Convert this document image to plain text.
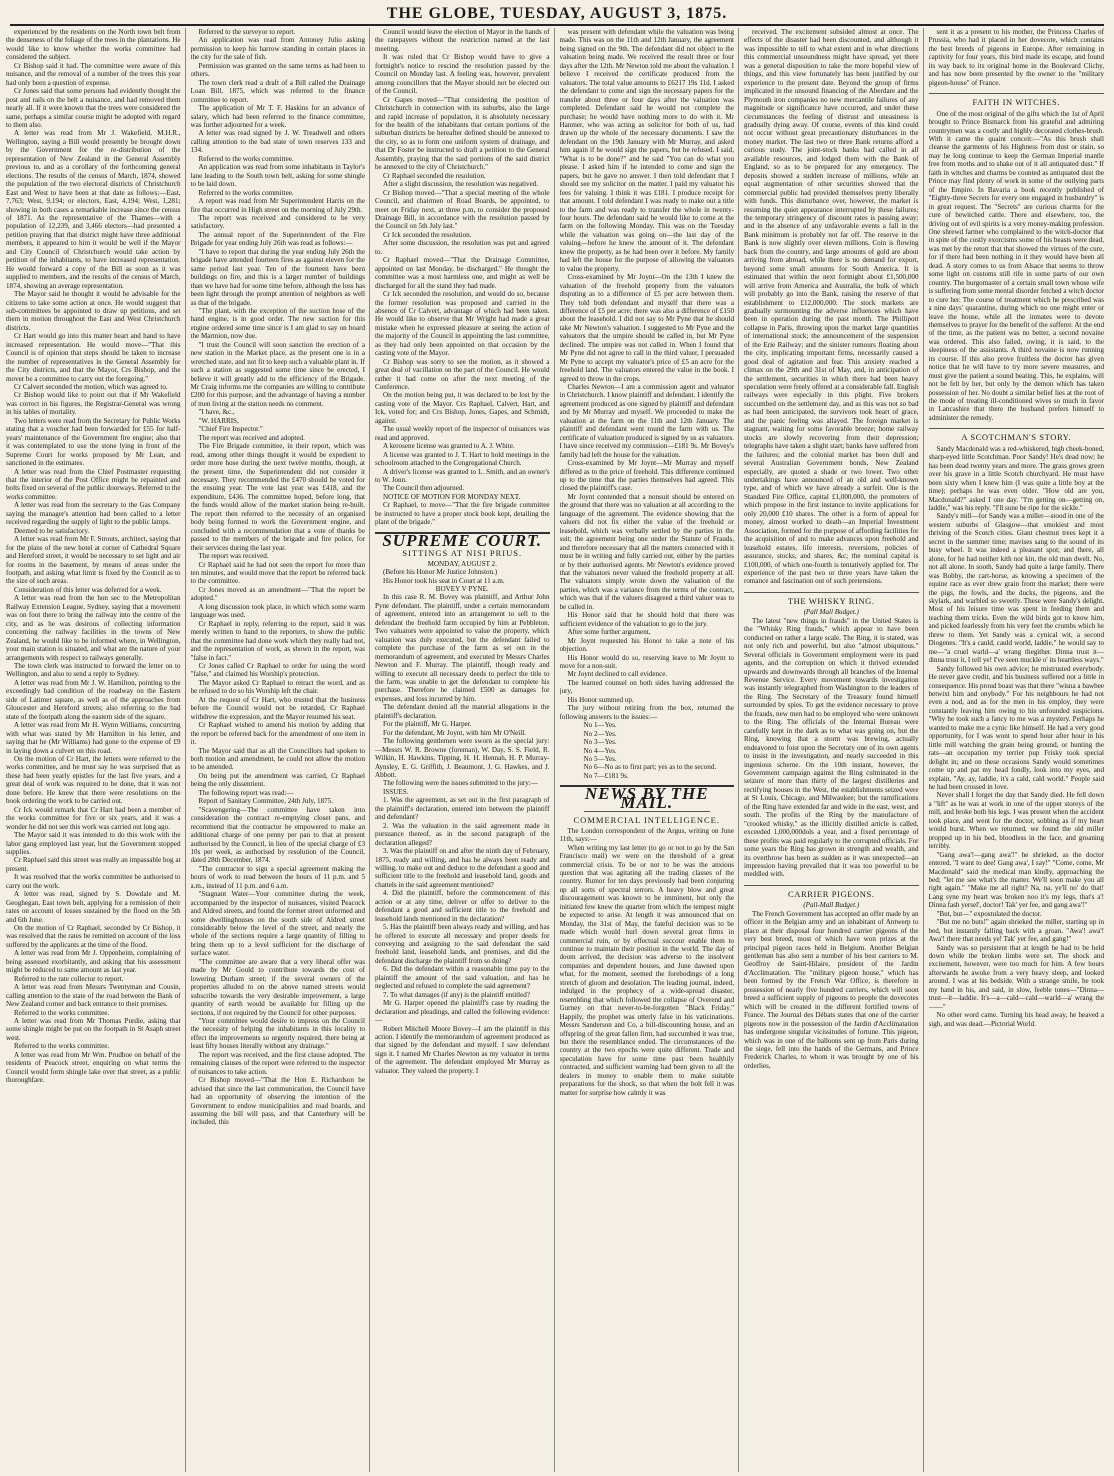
THE GLOBE, TUESDAY, AUGUST 3, 1875.

experienced by the residents on the North town belt from the denseness of the foliage of the trees in the plantations. He would like to know whether the works committee had considered the subject.

Cr Bishop said it had. The committee were aware of this nuisance, and the removal of a number of the trees this year had only been a question of expense.

Cr Jones said that some persons had evidently thought the post and rails on the belt a nuisance, and had removed them nearly all. If it were known that the trees were considered the same, perhaps a similar course might be adopted with regard to them also.

A letter was read from Mr J. Wakefield, M.H.R., Wellington, saying a Bill would presently be brought down by the Government for the re-distribution of the representation of New Zealand in the General Assembly previous to, and as a corollary of the forthcoming general elections. The results of the census of March, 1874, showed the population of the two electoral districts of Christchurch East and West to have been at that date as follows:—East, 7,763; West, 9,194; or electors, East, 4,194; West, 1,281; showing in both cases a remarkable increase since the census of 1871. As the representative of the Thames—with a population of 12,239, and 3,466 electors—had presented a petition praying that that district might have three additional members, it appeared to him it would be well if the Mayor and City Council of Christchurch would take action by petition of the inhabitants, to have increased representation. He would forward a copy of the Bill as soon as it was supplied to members, and the results of the census of March, 1874, showing an average representation.

The Mayor said he thought it would be advisable for the citizens to take some action at once. He would suggest that sub-committees be appointed to draw up petitions, and set them in motion throughout the East and West Christchurch districts.

Cr Hart would go into this matter heart and hand to have increased representation. He would move—"That this Council is of opinion that steps should be taken to increase the number of representatives in the General Assembly for the City districts, and that the Mayor, Crs Bishop, and the mover be a committee to carry out the foregoing."

Cr Calvert seconded the motion, which was agreed to.

Cr Bishop would like to point out that if Mr Wakefield was correct in his figures, the Registrar-General was wrong in his tables of mortality.

Two letters were read from the Secretary for Public Works stating that a voucher had been forwarded for £55 for half-years' maintenance of the Government fire engine; also that it was contemplated to use the stone lying in front of the Supreme Court for works proposed by Mr Lean, and sanctioned in the estimates.

A letter was read from the Chief Postmaster requesting that the interior of the Post Office might be repainted and bolts fixed on several of the public doorways. Referred to the works committee.

A letter was read from the secretary to the Gas Company saying the manager's attention had been called to a letter received regarding the supply of light to the public lamps.

Deemed to be satisfactory.

A letter was read from Mr F. Strouts, architect, saying that for the plans of the new hotel at corner of Cathedral Square and Hereford street, it would be necessary to set light and air for rooms in the basement, by means of areas under the footpath, and asking what limit is fixed by the Council as to the size of such areas.

Consideration of this letter was deferred for a week.

A letter was read from the hon sec to the Metropolitan Railway Extension League, Sydney, saying that a movement was on foot there to bring the railway into the centre of the city, and as he was desirous of collecting information concerning the railway facilities in the towns of New Zealand, he would like to be informed where, in Wellington, your main station is situated, and what are the nature of your arrangements with respect to railways generally.

The town clerk was instructed to forward the letter on to Wellington, and also to send a reply to Sydney.

A letter was read from Mr J. W. Hamilton, pointing to the exceedingly bad condition of the roadway on the Eastern side of Latimer square, as well as of the approaches from Gloucester and Hereford streets; also referring to the bad state of the footpath along the eastern side of the square.

A letter was read from Mr H. Wynn Williams, concurring with what was stated by Mr Hamilton in his letter, and saying that he (Mr Williams) had gone to the expense of £9 in laying down a culvert on this road.

On the motion of Cr Hart, the letters were referred to the works committee, and he must say he was surprised that as these had been yearly epistles for the last five years, and a great deal of work was required to be done, that it was not done before. He knew that there were resolutions on the book ordering the work to be carried out.

Cr Ick would remark that Cr Hart had been a member of the works committee for five or six years, and it was a wonder he did not see this work was carried out long ago.

The Mayor said it was intended to do this work with the labor gang employed last year, but the Government stopped supplies.

Cr Raphael said this street was really an impassable bog at present.

It was resolved that the works committee be authorised to carry out the work.

A letter was read, signed by S. Dowdale and M. Geoghegan, East town belt, applying for a remission of their rates on account of losses sustained by the flood on the 5th and 6th June.

On the motion of Cr Raphael, seconded by Cr Bishop, it was resolved that the rates be remitted on account of the loss suffered by the applicants at the time of the flood.

A letter was read from Mr J. Oppenheim, complaining of being assessed exorbitantly, and asking that his assessment might be reduced to same amount as last year.

Referred to the rate collector to report.

A letter was read from Messrs Twentyman and Cousin, calling attention to the state of the road between the Bank of New Zealand corner and back entrance to their premises.

Referred to the works committee.

A letter was read from Mr Thomas Purdie, asking that some shingle might be put on the footpath in St Asaph street west.

Referred to the works committee.

A letter was read from Mr Wm. Prudhoe on behalf of the residents of Peacock street, enquiring on what terms the Council would form shingle lake over that street, as a public thoroughfare.

Referred to the surveyor to report.

An application was read from Antoney Julio asking permission to keep his harrow standing in certain places in the city for the sale of fish.

Permission was granted on the same terms as had been to others.

The town clerk read a draft of a Bill called the Drainage Loan Bill, 1875, which was referred to the finance committee to report.

The application of Mr T. F. Haskins for an advance of salary, which had been referred to the finance committee, was further adjourned for a week.

A letter was read signed by J. W. Treadwell and others calling attention to the bad state of town reserves 133 and 134.

Referred to the works committee.

An application was read from some inhabitants in Taylor's lane leading to the South town belt, asking for some shingle to be laid down.

Referred to the works committee.

A report was read from Mr Superintendent Harris on the fire that occurred in High street on the morning of July 29th.

The report was received and considered to be very satisfactory.

The annual report of the Superintendent of the Fire Brigade for year ending July 26th was read as follows:—

"I have to report that during the year ending July 26th the brigade have attended fourteen fires as against eleven for the same period last year. Ten of the fourteen have been buildings on fire, and this is a larger number of buildings than we have had for some time before, although the loss has been light through the prompt attention of neighbors as well as that of the brigade.

"The plant, with the exception of the suction hose of the hand engine, is in good order. The new suction for this engine ordered some time since is I am glad to say on board the Marmion, now due.

"I trust the Council will soon sanction the erection of a new station in the Market place, as the present one is in a wretched state, and not fit to keep such a valuable plant in. If such a station as suggested some time since be erected, I believe it will greatly add to the efficiency of the Brigade. Mr Craig informs me the companies are willing to contribute £200 for this purpose, and the advantage of having a number of men living at the station needs no comment.

"I have, &c.,

"W. HARRIS,

"Chief Fire Inspector."

The report was received and adopted.

The Fire Brigade committee, in their report, which was read, among other things thought it would be expedient to order more hose during the next twelve months, though, at the present time, the Superintendent did not consider it necessary. They recommended the £470 should be voted for the ensuing year. The vote last year was £418, and the expenditure, £436. The committee hoped, before long, that the funds would allow of the market station being re-built. The report then referred to the necessity of an organised body being formed to work the Government engine, and concluded with a recommendation that a vote of thanks be passed to the members of the brigade and fire police, for their services during the last year.

The report was received.

Cr Raphael said he had not seen the report for more than ten minutes, and would move that the report be referred back to the committee.

Cr Jones moved as an amendment—"That the report be adopted."

A long discussion took place, in which which some warm language was used.

Cr Raphael in reply, referring to the report, said it was merely written to hand to the reporters, to show the public that the committee had done work which they really had not, and the representation of work, as shown in the report, was "false in fact."

Cr Jones called Cr Raphael to order for using the word "false," and claimed his Worship's protection.

The Mayor asked Cr Raphael to retract the word, and as he refused to do so his Worship left the chair.

At the request of Cr Hart, who trusted that the business before the Council would not be retarded, Cr Raphael withdrew the expression, and the Mayor resumed his seat.

Cr Raphael wished to amend his motion by adding that the report be referred back for the amendment of one item in it.

The Mayor said that as all the Councillors had spoken to both motion and amendment, he could not allow the motion to be amended.

On being put the amendment was carried, Cr Raphael being the only dissentient.

The following report was read:—

Report of Sanitary Committee, 24th July, 1875.

"Scavengering—The committee have taken into consideration the contract re-emptying closet pans, and recommend that the contractor be empowered to make an additional charge of one penny per pan to that at present authorised by the Council, in lieu of the special charge of £3 10s per week, as authorised by resolution of the Council, dated 28th December, 1874.

"The contractor to sign a special agreement making the hours of work to read between the hours of 11 p.m. and 5 a.m., instead of 11 p.m. and 6 a.m.

"Stagnant Water—Your committee during the week, accompanied by the inspector of nuisances, visited Peacock and Aldred streets, and found the former street unformed and some dwellinghouses on the south side of Aldred street considerably below the level of the street, and nearly the whole of the sections require a large quantity of filling to bring them up to a level sufficient for the discharge of surface water.

"The committee are aware that a very liberal offer was made by Mr Gould to contribute towards the cost of lowering Durham street; if the several owners of the properties alluded to on the above named streets would subscribe towards the very desirable improvement, a large quantity of earth would be available for filling up the sections, if not required by the Council for other purposes.

"Your committee would desire to impress on the Council the necessity of helping the inhabitants in this locality to effect the improvements so urgently required, there being at least fifty houses literally without any drainage."

The report was received, and the first clause adopted. The remaining clauses of the report were referred to the inspector of nuisances to take action.

Cr Bishop moved—"That the Hon E. Richardson be advised that since the last communication, the Council have had an opportunity of observing the intention of the Government to endow municipalities and road boards, and assuming the bill will pass, and that Canterbury will be included, this

Council would leave the election of Mayor in the hands of the ratepayers without the restriction named at the last meeting.

It was ruled that Cr Bishop would have to give a fortnight's notice to rescind the resolution passed by the Council on Monday last. A feeling was, however, prevalent among councillors that the Mayor should not be elected out of the Council.

Cr Gapes moved—"That considering the position of Christchurch in connection with its suburbs, also the large and rapid increase of population, it is absolutely necessary for the health of the inhabitants that certain portions of the suburban districts be hereafter defined should be annexed to the city, so as to form one uniform system of drainage, and that Dr Foster be instructed to draft a petition to the General Assembly, praying that the said portions of the said district be annexed to the city of Christchurch."

Cr Raphael seconded the resolution.

After a slight discussion, the resolution was negatived.

Cr Bishop moved—"That a special meeting of the whole Council, and chairmen of Road Boards, be appointed, to meet on Friday next, at three p.m, to consider the proposed Drainage Bill, in accordance with the resolution passed by the Council on 5th July last."

Cr Ick seconded the resolution.

After some discussion, the resolution was put and agreed to.

Cr Raphael moved—"That the Drainage Committee, appointed on last Monday, be discharged." He thought the committee was a most harmless one, and might as well be discharged for all the stand they had made.

Cr Ick seconded the resolution, and would do so, because the former resolution was proposed and carried in the absence of Cr Calvert, advantage of which had been taken. He would like to observe that Mr Wright had made a great mistake when he expressed pleasure at seeing the action of the majority of the Council in appointing the last committee, as they had only been appointed on that occasion by the casting vote of the Mayor.

Cr Bishop was sorry to see the motion, as it showed a great deal of vacillation on the part of the Council. He would rather it had come on after the next meeting of the Conference.

On the motion being put, it was declared to be lost by the casting vote of the Mayor. Crs Raphael, Calvert, Hart, and Ick, voted for; and Crs Bishop, Jones, Gapes, and Schmidt, against.

The usual weekly report of the inspector of nuisances was read and approved.

A kerosene license was granted to A. J. White.

A license was granted to J. T. Hart to hold meetings in the schoolroom attached to the Congregational Church.

A driver's license was granted to L. Smith, and an owner's to W. Jonn.

The Council then adjourned.

NOTICE OF MOTION FOR MONDAY NEXT.

Cr Raphael, to move—"That the fire brigade committee be instructed to have a proper stock book kept, detailing the plant of the brigade."

SUPREME COURT.
SITTINGS AT NISI PRIUS.

MONDAY, AUGUST 2.

(Before his Honor Mr Justice Johnston.)

His Honor took his seat in Court at 11 a.m.

BOVEY V PYNE.

In this case R. M. Bovey was plaintiff, and Arthur John Pyne defendant. The plaintiff, under a certain memorandum of agreement, entered into an arrangement to sell to the defendant the freehold farm occupied by him at Pebbleton. Two valuators were appointed to value the property, which valuation was duly executed, but the defendant failed to complete the purchase of the farm as set out in the memorandum of agreement, and executed by Messrs Charles Newton and F. Murray. The plaintiff, though ready and willing to execute all necessary deeds to perfect the title to the farm, was unable to get the defendant to complete his purchase. Therefore he claimed £500 as damages for expenses, and loss incurred by him.

The defendant denied all the material allegations in the plaintiff's declaration.

For the plaintiff, Mr G. Harper.

For the defendant, Mr Joynt, with him Mr O'Neill.

The following gentlemen were sworn as the special jury:—Messrs W. R. Browne (foreman), W. Day, S. S. Field, R. Wilkin, H. Hawkins, Tipping, H. H. Hennah, H. P. Murray-Aynsley, E. G. Griffith, J. Beaumont, J. G. Hawkes, and J. Abbott.

The following were the issues submitted to the jury:—

ISSUES.

1. Was the agreement, as set out in the first paragraph of the plaintiff's declaration, entered into between the plaintiff and defendant?

2. Was the valuation in the said agreement made in pursuance thereof, as in the second paragraph of the declaration alleged?

3. Was the plaintiff on and after the ninth day of February, 1875, ready and willing, and has he always been ready and willing, to make out and deduce to the defendant a good and sufficient title to the freehold and leasehold land, goods and chattels in the said agreement mentioned?

4. Did the plaintiff, before the commencement of this action or at any time, deliver or offer to deliver to the defendant a good and sufficient title to the freehold and leasehold lands mentioned in the declaration?

5. Has the plaintiff been always ready and willing, and has he offered to execute all necessary and proper deeds for conveying and assigning to the said defendant the said freehold land, leasehold lands, and premises, and did the defendant discharge the plaintiff from so doing?

6. Did the defendant within a reasonable time pay to the plaintiff the amount of the said valuation, and has he neglected and refused to complete the said agreement?

7. To what damages (if any) is the plaintiff entitled?

Mr G. Harper opened the plaintiff's case by reading the declaration and pleadings, and called the following evidence:—

Robert Mitchell Moore Bovey—I am the plaintiff in this action. I identify the memorandum of agreement produced as that signed by the defendant and myself. I saw defendant sign it. I named Mr Charles Newton as my valuator in terms of the agreement. The defendant employed Mr Murray as valuator. They valued the property. I

was present with defendant while the valuation was being made. This was on the 11th and 12th January, the agreement being signed on the 9th. The defendant did not object to the valuation being made. We received the result three or four days after the 12th. Mr Newton told me about the valuation. I believe I received the certificate produced from the valuators. The total value amounts to £6217 19s 11d. I asked the defendant to come and sign the necessary papers for the transfer about three or four days after the valuation was completed. Defendant said he would not complete the purchase; he would have nothing more to do with it. Mr Hanmer, who was acting as solicitor for both of us, had drawn up the whole of the necessary documents. I saw the defendant on the 19th January with Mr Murray, and asked him again if he would sign the papers, but he refused. I said, "What is to be done?" and he said "You can do what you please. I asked him if he intended to come and sign the papers, but he gave no answer. I then told defendant that I should see my solicitor on the matter. I paid my valuator his fees for valuing. I think it was £181. I produce receipt for that amount. I told defendant I was ready to make out a title to the farm and was ready to transfer the whole in twenty-four hours. The defendant said he would like to come at the farm on the following Monday. This was on the Tuesday while the valuation was going on—the last day of the valuing—before he knew the amount of it. The defendant knew the property, as he had been over it before. My family had left the house for the purpose of allowing the valuators to value the property.

Cross-examined by Mr Joynt—On the 13th I knew the valuation of the freehold property from the valuators disputing as to a difference of £5 per acre between them. They told both defendant and myself that there was a difference of £5 per acre; there was also a difference of £150 about the leasehold. I did not say to Mr Pyne that he should take Mr Newton's valuation. I suggested to Mr Pyne and the valuators that the umpire should be called in, but Mr Pyne declined. The umpire was not called in. When I found that Mr Pyne did not agree to call in the third valuer, I persuaded Mr Pyne to accept my valuator's price of £5 an acre for the freehold land. The valuators entered the value in the book. I agreed to throw in the crops.

Charles Newton—I am a commission agent and valuator in Christchurch. I know plaintiff and defendant. I identify the agreement produced as one signed by plaintiff and defendant and by Mr Murray and myself. We proceeded to make the valuation at the farm on the 11th and 12th January. The plaintiff and defendant went round the farm with us. The certificate of valuation produced is signed by us as valuators. I have since received my commission—£181 9s. Mr Bovey's family had left the house for the valuation.

Cross-examined by Mr Joynt—Mr Murray and myself differed as to the price of freehold. This difference continued up to the time that the parties themselves had agreed. This closed the plaintiff's case.

Mr Joynt contended that a nonsuit should be entered on the ground that there was no valuation at all according to the language of the agreement. The evidence showing that the valuers did not fix either the value of the freehold or leasehold, which was verbally settled by the parties in the suit; the agreement being one under the Statute of Frauds, and therefore necessary that all the matters connected with it must be in writing and fully carried out, either by the parties or by their authorised agents. Mr Newton's evidence proved that the valuators never valued the freehold property at all. The valuators simply wrote down the valuation of the parties, which was a variance from the terms of the contract, which was that if the valuers disagreed a third valuer was to be called in.

His Honor said that he should hold that there was sufficient evidence of the valuation to go to the jury.

After some further argument,

Mr Joynt requested his Honor to take a note of his objection.

His Honor would do so, reserving leave to Mr Joynt to move for a non-suit.

Mr Joynt declined to call evidence.

The learned counsel on both sides having addressed the jury,

His Honor summed up.

The jury without retiring from the box, returned the following answers to the issues:—

No 1—Yes.

No 2—Yes.

No 3—Yes.

No 4—Yes.

No 5—Yes.

No 6—No as to first part; yes as to the second.

No 7—£181 9s.

NEWS BY THE MAIL.
COMMERCIAL INTELLIGENCE.

The London correspondent of the Argus, writing on June 11th, says:—

When writing my last letter (to go or not to go by the San Francisco mail) we were on the threshold of a great commercial crisis. To be or not to be was the anxious question that was agitating all the trading classes of the country. Rumor for ten days previously had been conjuring up all sorts of spectral terrors. A heavy blow and great discouragement was known to be imminent, but only the initiated few knew the quarter from which the tempest might be expected to arise. At length it was announced that on Monday, the 31st of May, the fateful decision was to be made which would hurl down several great firms in commercial ruin, or by effectual succour enable them to continue to maintain their position in the world. The day of doom arrived, the decision was adverse to the insolvent companies and dependent houses, and June dawned upon what, for the moment, seemed the forebodings of a long stretch of gloom and desolation. The leading journal, indeed, indulged in the prophecy of a wide-spread disaster, resembling that which followed the collapse of Overend and Gurney on that never-to-be-forgotten "Black Friday." Happily, the prophet was utterly false in his vaticinations. Messrs Sanderson and Co, a bill-discounting house, and an offspring of the great fallen firm, had succumbed it was true, but there the resemblance ended. The circumstances of the country at the two epochs were quite different. Trade and speculation have for some time past been healthily contracted, and sufficient warning had been given to all the dealers in money to enable them to make suitable preparations for the shock, so that when the bolt fell it was matter for surprise how calmly it was

received. The excitement subsided almost at once. The effects of the disaster had been discounted, and although it was impossible to tell to what extent and in what directions this commercial unsoundness might have spread, yet there was a general disposition to take the more hopeful view of things, and this view fortunately has been justified by our experience to the present date. Beyond the group of firms implicated in the unsound financing of the Aberdare and the Plymouth iron companies no new mercantile failures of any magnitude or significance have occurred, and under these circumstances the feeling of distrust and uneasiness is gradually dying away. Of course, events of this kind could not occur without great precautionary disturbances in the money market. The last two or three Bank returns afford a curious study. The joint-stock banks had called in all available resources, and lodged them with the Bank of England, so as to be prepared for any emergency. The deposits showed a sudden increase of millions, while an equal augmentation of other securities showed that the commercial public had provided themselves pretty liberally with funds. This disturbance over, however, the market is resuming the quiet appearance interrupted by these failures; the temporary stringency of discount rates is passing away; and in the absence of any unfavorable events a fall in the Bank minimum is probably not far off. The reserve in the Bank is now slightly over eleven millions. Coin is flowing back from the country, and large amounts of gold are about arriving from abroad, while there is no demand for export, beyond some small amounts for South America. It is estimated that within the next fortnight about £1,500,000 will arrive from America and Australia, the bulk of which will probably go into the Bank, raising the reserve of that establishment to £12,000,000. The stock markets are gradually surmounting the adverse influences which have been in operation during the past month. The Phillipott collapse in Paris, throwing upon the market large quantities of international stock; the announcement of the suspension of the Erie Railway; and the sinister rumours floating about the city, implicating important firms, necessarily caused a good deal of agitation and fear. This anxiety reached a climax on the 29th and 31st of May, and, in anticipation of the settlement, securities in which there had been heavy speculation were freely offered at a considerable fall. English railways were especially in this plight. Five brokers succumbed on the settlement day, and as this was not so bad as had been anticipated, the survivors took heart of grace, and the panic feeling was allayed. The foreign market is stagnant, waiting for some favorable breeze; home railway stocks are slowly recovering from their depression; telegraphs have taken a slight start; banks have suffered from the failures; and the colonial market has been dull and several Australian Government bonds, New Zealand especially, are quoted a shade or two lower. Two other undertakings have announced of an old and well-known type, and of which we have already a surfeit. One is the Standard Fire Office, capital £1,000,000, the promoters of which propose in the first instance to invite applications for only 20,000 £10 shares. The other is a form of appeal for money, almost worked to death—an Imperial Investment Association, formed for the purpose of affording facilities for the acquisition of and to make advances upon freehold and leasehold estates, life interests, reversions, policies of assurance, stocks, and shares, &c; the nominal capital is £100,000, of which one-fourth is tentatively applied for. The experience of the past two or three years have taken the romance and fascination out of such pretensions.

THE WHISKY RING.

(Pall Mall Budget.)

The latest "new things in frauds" in the United States is the "Whisky Ring frauds," which appear to have been conducted on rather a large scale. The Ring, it is stated, was not only rich and powerful, but also "almost ubiquitous." Several officials in Government employment were its paid agents, and the corruption on which it thrived extended upwards and downwards through all branches of the Internal Revenue Service. Every movement towards investigation was instantly telegraphed from Washington to the leaders of the Ring. The Secretary of the Treasury found himself surrounded by spies. To get the evidence necessary to prove the frauds, new men had to be employed who were unknown to the Ring. The officials of the Internal Bureau were carefully kept in the dark as to what was going on, but the Ring, knowing that a storm was brewing, actually endeavored to foist upon the Secretary one of its own agents to insist in the investigation, and nearly succeeded in this ingenious scheme. On the 10th instant, however, the Government campaign against the Ring culminated in the seizure of more than thirty of the largest distilleries and rectifying houses in the West, the establishments seized were at St Louis, Chicago, and Milwaukee; but the ramifications of the Ring have extended far and wide in the east, west, and south. The profits of the Ring by the manufacture of "crooked whisky," as the illicitly distilled article is called, exceeded 1,000,000dols a year, and a fixed percentage of these profits was paid regularly to the corrupted officials. For some years the Ring has grown in strength and wealth, and its overthrow has been as sudden as it was unexpected—an impression having prevailed that it was too powerful to be meddled with.

CARRIER PIGEONS.

(Pall-Mall Budget.)

The French Government has accepted an offer made by an officer in the Belgian army and an inhabitant of Antwerp to place at their disposal four hundred carrier pigeons of the very best breed, most of which have won prizes at the principal pigeon races held in Belgium. Another Belgian gentleman has also sent a number of his best carriers to M. Geoffroy de Saint-Hilaire, president of the Jardin d'Acclimatation. The "military pigeon house," which has been formed by the French War Office, is therefore in possession of nearly five hundred carriers, which will soon breed a sufficient supply of pigeons to people the dovecotes which will be created in the different fortified towns of France. The Journal des Débats states that one of the carrier pigeons now in the possession of the Jardin d'Acclimatation has undergone singular vicissitudes of fortune. This pigeon, which was in one of the balloons sent up from Paris during the siege, fell into the hands of the Germans, and Prince Frederick Charles, to whom it was brought by one of his orderlies,

sent it as a present to his mother, the Princess Charles of Prussia, who had it placed in her dovecote, which contains the best breeds of pigeons in Europe. After remaining in captivity for four years, this bird made its escape, and found its way back to its original home in the Boulevard Clichy, and has now been presented by the owner to the "military pigeon-house" of France.

FAITH IN WITCHES.

One of the most original of the gifts which the 1st of April brought to Prince Bismarck from his grateful and admiring countrymen was a costly and highly decorated clothes-brush. With it came the quaint conceit:—"As this brush shall cleanse the garments of his Highness from dust or stain, so may he long continue to keep the German Imperial mantle free from moths and to shake out of it all antiquated dust." If faith in witches and charms be counted as antiquated dust the Prince may find plenty of work in some of the outlying parts of the Empire. In Bavaria a book recently published of "Eighty-three Secrets for every one engaged in husbandry" is in great request. The "Secrets" are curious charms for the cure of bewitched cattle. There and elsewhere, too, the driving out of evil spirits is a very money-making profession. One shrewd farmer who complained to the witch-doctor that in spite of the costly exorcisms some of his beasts were dead, was met by the retort that that showed the virtues of the cure, for if there had been nothing in it they would have been all dead. A story comes to us from Alsace that seems to throw some light on customs still rife in some parts of our own country. The burgomaster of a certain small town whose wife is suffering from some mental disorder fetched a witch doctor to cure her. The course of treatment which he prescribed was a nine days' quarantine, during which no one might enter or leave the house, while all the inmates were to devote themselves to prayer for the benefit of the sufferer. At the end of the time, as the patient was no better, a second novaine was ordered. This also failed, owing, it is said, to the sleepiness of the assistants. A third novaine is now running its course. If this also prove fruitless the doctor has given notice that he will have to try more severe measures, and must give the patient a sound beating. This, he explains, will not be felt by her, but only by the demon which has taken possession of her. No doubt a similar belief lies at the root of the mode of treating ill-conditioned wives so much in favor in Lancashire that there the husband prefers himself to administer the remedy.

A SCOTCHMAN'S STORY.

Sandy Macdonald was a red-whiskered, high cheek-boned, sharp-eyed little Scotchman. Poor Sandy! He's dead now; he has been dead twenty years and more. The grass grows green over his grave in a little Scotch churchyard. He must have been sixty when I knew him (I was quite a little boy at the time); perhaps he was even older. "How old are you, Macdonald?" asked I one day. "I'm getting on—getting on, laddie," was his reply. "I'll sune be ripe for the sickle."

Sandy's mill—for Sandy was a miller—stood in one of the western suburbs of Glasgow—that smokiest and most thriving of the Scotch cities. Giant chestnut trees kept it a secret in the summer time; mavises sang to the sound of its busy wheel. It was indeed a pleasant spot; and there, all alone, for he had neither kith nor kin, the old man dwelt. No, not all alone. In sooth, Sandy had quite a large family. There was Bobby, the cart-horse, as knowing a specimen of the equine race as ever drew grain from the market; there were the pigs, the fowls, and the ducks, the pigeons, and the skylark, and warbled so sweetly. These were Sandy's delight. Most of his leisure time was spent in feeding them and teaching them tricks. Even the wild birds got to know him, and picked fearlessly from his very feet the crumbs which he threw to them. Yet Sandy was a cynical wit, a second Diogenes. "It's a cauld, cauld world, laddie," he would say to me—"a cruel warld—a' wrang thegither. Dinna trust it—dinna trust it, I tell ye! I've seen muckle o' its heartless ways."

Sandy followed his own advice; he mistrusted everybody. He never gave credit, and his business suffered not a little in consequence. His proud boast was that there "wisna a bawbee betwixt him and onybody." For his neighbours he had not even a nod, and as for the men in his employ, they were constantly leaving him owing to his unfounded suspicions. "Why he took such a fancy to me was a mystery. Perhaps he wanted to make me a cynic like himself. He had a very good opportunity, for I was wont to spend hour after hour in his little mill watching the grain being ground, or hunting the rats—an occupation my terrier pup Frisky took special delight in; and on these occasions Sandy would sometimes come up and pat my head fondly, look into my eyes, and explain, "Ay, ay, laddie, it's a cald, cald world." People said he had been crossed in love.

Never shall I forget the day that Sandy died. He fell down a "lift" as he was at work in one of the upper storeys of the mill, and broke both his legs. I was present when the accident took place, and went for the doctor, sobbing as if my heart would burst. When we returned, we found the old miller propped up in his bed, bloodless in the face, and groaning terribly.

"Gang awa'!—gang awa'!" he shrieked, as the doctor entered, "I want to dee! Gang awa', I say!" "Come, come, Mr Macdonald" said the medical man kindly, approaching the bed; "let me see what's the matter. We'll soon make you all right again." "Make me all right? Na, na, ye'll no' do that! Lang syne my heart was broken noo it's my legs, that's a'! Dinna fash yersel', doctor! Tak' yer fee, and gang awa'!"

"But, but—" expostulated the doctor.

"But me no buts!" again shrieked the miller, starting up in bed, but instantly falling back with a groan. "Awa'! awa'! Awa'! there that needs ye! Tak' yer fee, and gang!"

Sandy was so persistent that at length he had to be held down while the broken limbs were set. The shock and excitement, however, were too much for him. A few hours afterwards he awoke from a very heavy sleep, and looked around. I was at his bedside. With a strange smile, he took my hand in his, and said, in slow, feeble tones—"Dinna—trust—it—laddie. It's—a—cald—cald—warld—a' wrang the——"

No other word came. Turning his head away, he heaved a sigh, and was dead.—Pictorial World.
